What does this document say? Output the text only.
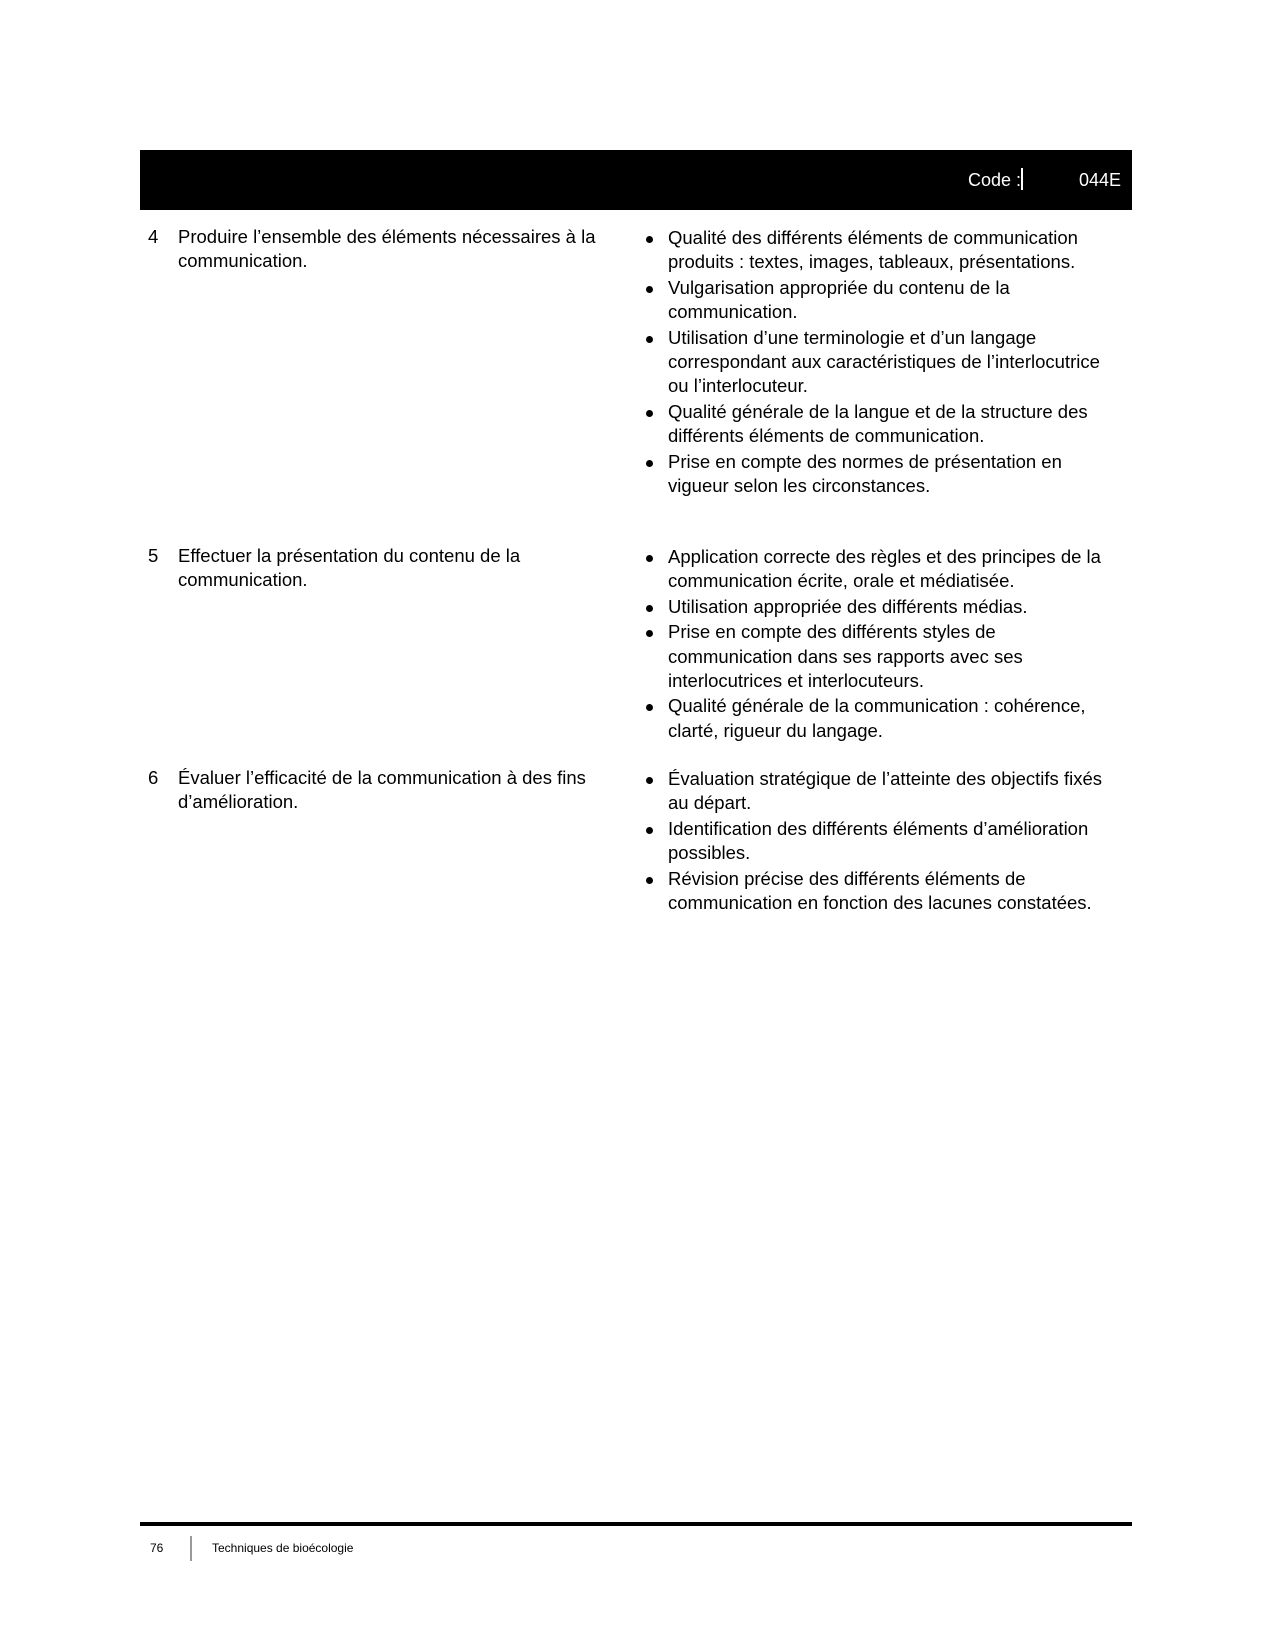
Code :	044E
4 Produire l’ensemble des éléments nécessaires à la communication.
Qualité des différents éléments de communication produits : textes, images, tableaux, présentations.
Vulgarisation appropriée du contenu de la communication.
Utilisation d’une terminologie et d’un langage correspondant aux caractéristiques de l’interlocutrice ou l’interlocuteur.
Qualité générale de la langue et de la structure des différents éléments de communication.
Prise en compte des normes de présentation en vigueur selon les circonstances.
5 Effectuer la présentation du contenu de la communication.
Application correcte des règles et des principes de la communication écrite, orale et médiatisée.
Utilisation appropriée des différents médias.
Prise en compte des différents styles de communication dans ses rapports avec ses interlocutrices et interlocuteurs.
Qualité générale de la communication : cohérence, clarté, rigueur du langage.
6 Évaluer l’efficacité de la communication à des fins d’amélioration.
Évaluation stratégique de l’atteinte des objectifs fixés au départ.
Identification des différents éléments d’amélioration possibles.
Révision précise des différents éléments de communication en fonction des lacunes constatées.
76	Techniques de bioécologie
